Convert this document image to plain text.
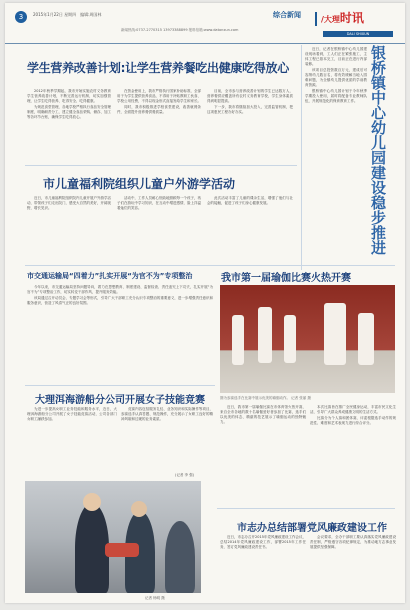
3	2015年1月22日 星期四　编辑:周国林
新闻热线:0737-2770315 13973388899 报料信箱:www.datonxun.com
综合新闻	/大理时讯
DALI SHIXUN
学生营养改善计划:让学生营养餐吃出健康吃得放心

2012年秋季学期起，我市开始实施农村义务教育学生营养改善计划，不断完善运行机制，切实加强管理，让学生吃得营养、吃得安全、吃得健康。

为规范食堂管理，各地学校严格执行食品安全管理制度，明确职责分工，建立健全食品采购、储存、加工等各环节台账，确保学生吃得放心。

在资金使用上，我市严格执行国家补助标准，全部用于为学生提供营养食品，不得用于补贴教职工伙食、学校公用经费，不得以现金形式直接发给学生和家长。

同时，我市积极推进学校食堂建设，改善就餐条件，全面提升营养餐供餐质量。

目前，全市参与营养改善计划的学生已达数万人，营养餐供应覆盖所有农村义务教育学校，学生身体素质得到明显提高。

下一步，我市将继续加大投入，完善监管机制，把这项惠民工程办好办实。

近日，记者在银桥镇中心幼儿园建设现场看到，工人们正在紧张施工，主体工程已基本完工，目前正在进行内部装修。

该项目总投资数百万元，建成后可容纳幼儿数百名，将有效缓解当地入园难问题，为全镇幼儿提供优质的学前教育资源。

银桥镇中心幼儿园计划于今年秋季学期投入使用，届时将配备专业教师队伍，开展规范化的保育教育工作。 银桥镇中心幼儿园建设稳步推进
市儿童福利院组织儿童户外游学活动

近日，市儿童福利院组织院内儿童开展户外游学活动，带领孩子们走出院门，感受大自然的美好，开阔视野，增长见识。

活动中，工作人员耐心细致地照顾每一个孩子，孩子们在游玩中学习知识，在互动中增进感情，脸上洋溢着灿烂的笑容。

此次活动丰富了儿童的课余生活，增强了他们与社会的接触，促进了孩子们身心健康发展。

市交通运输局“四着力”扎实开展“为官不为”专项整治

今年以来，市交通运输局坚持问题导向，着力在思想教育、制度建设、监督检查、责任追究上下功夫，扎实开展“为官不为”专项整治工作，切实转变干部作风，提升服务效能。

该局通过召开动员会、专题学习会等形式，引导广大干部职工充分认识专项整治的重要意义，进一步增强责任意识和服务意识，营造了风清气正的良好氛围。

我市第一届瑜伽比赛火热开赛
图为参赛选手在比赛中展示优美的瑜伽动作。 记者 张丽 摄

近日，我市第一届瑜伽比赛在市体育馆火热开赛，来自全市各地的数十名瑜伽爱好者参加了比赛，选手们以优美的体态、精湛的技艺展示了瑜伽运动的独特魅力。

本次比赛旨在推广全民健身运动，丰富市民文化生活，引导广大群众养成健康文明的生活方式。

比赛分为个人赛和团体赛，评委根据选手动作的规范性、难度和艺术表现力进行综合评分。

大理洱海游船分公司开展女子技能竞赛

为进一步提高女职工业务技能和服务水平，近日，大理洱海游船分公司开展了女子技能竞赛活动，公司各部门女职工踊跃参加。

竞赛内容包括服务礼仪、业务知识和实际操作等项目，参赛选手认真答题、规范操作，充分展示了女职工良好的精神风貌和过硬的业务素质。

(记者 李 强)
记者 杨明 摄
市志办总结部署党风廉政建设工作

近日，市志办召开2015年党风廉政建设工作会议，总结2014年党风廉政建设工作，部署2015年工作任务，签订党风廉政建设责任书。

会议要求，全办干部职工要认真落实党风廉政建设责任制，严格遵守各项纪律规定，为推动地方志事业发展提供坚强保障。
